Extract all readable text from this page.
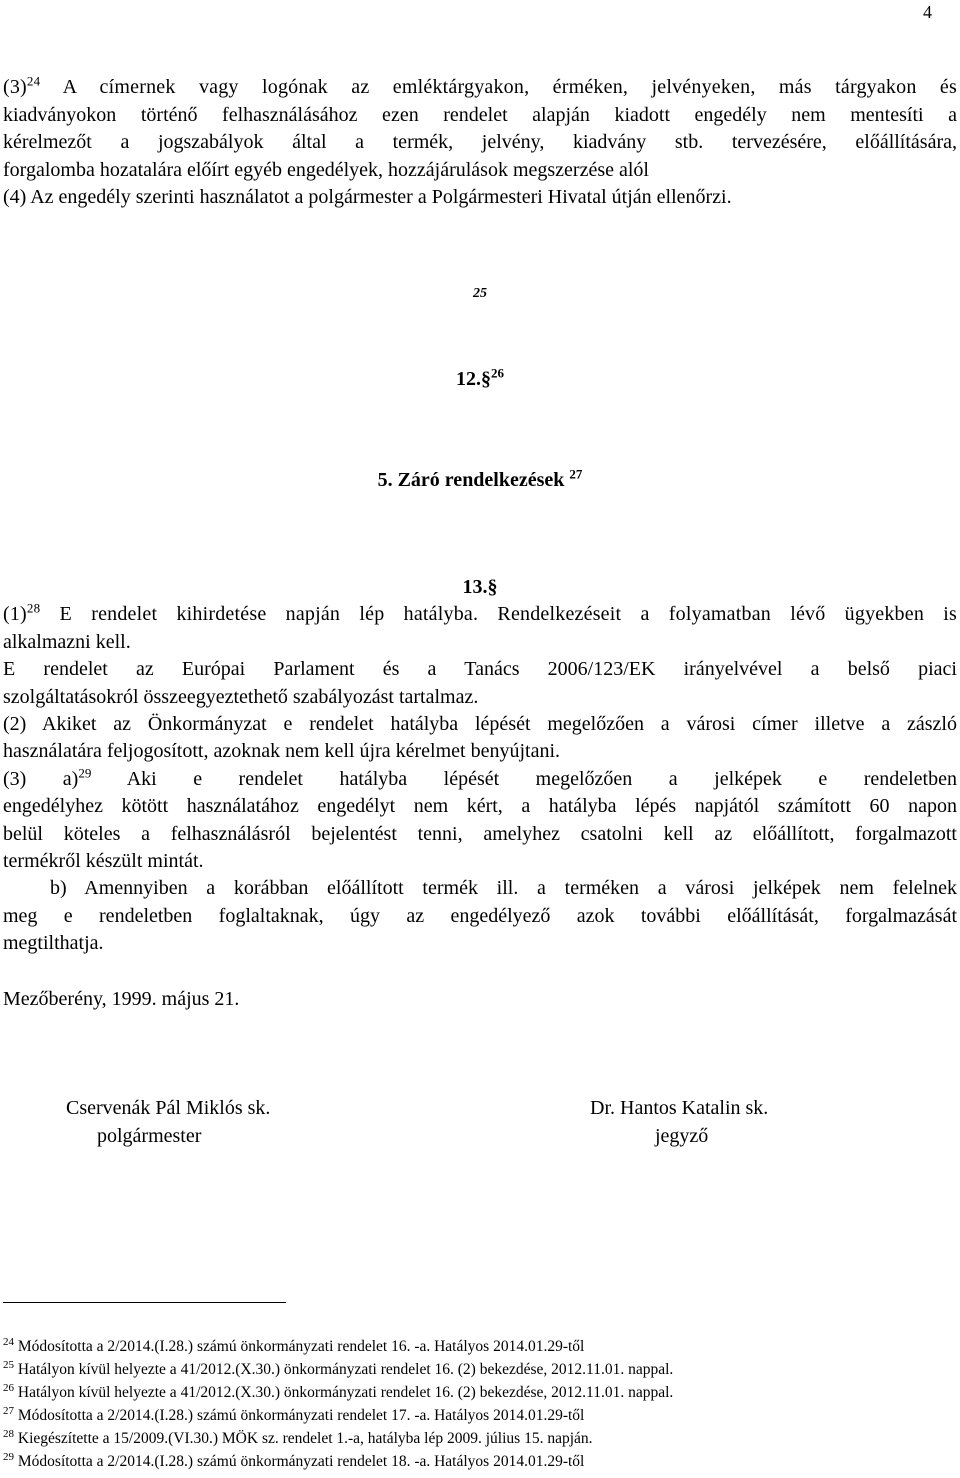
4
$(3)^{24}$ A címernek vagy logónak az emléktárgyakon, érméken, jelvényeken, más tárgyakon és
kiadványokon történő felhasználásához ezen rendelet alapján kiadott engedély nem mentesíti a
kérelmezőt a jogszabályok által a termék, jelvény, kiadvány stb. tervezésére, előállítására,
forgalomba hozatalára előírt egyéb engedélyek, hozzájárulások megszerzése alól
(4) Az engedély szerinti használatot a polgármester a Polgármesteri Hivatal útján ellenőrzi.
25
12.§$^{26}$
5. Záró rendelkezések $^{27}$
13.§
$(1)^{28}$ E rendelet kihirdetése napján lép hatályba. Rendelkezéseit a folyamatban lévő ügyekben is
alkalmazni kell.
E rendelet az Európai Parlament és a Tanács 2006/123/EK irányelvével a belső piaci
szolgáltatásokról összeegyeztethető szabályozást tartalmaz.
(2) Akiket az Önkormányzat e rendelet hatályba lépését megelőzően a városi címer illetve a zászló
használatára feljogosított, azoknak nem kell újra kérelmet benyújtani.
(3) a)$^{29}$ Aki e rendelet hatályba lépését megelőzően a jelképek e rendeletben
engedélyhez kötött használatához engedélyt nem kért, a hatályba lépés napjától számított 60 napon
belül köteles a felhasználásról bejelentést tenni, amelyhez csatolni kell az előállított, forgalmazott
termékről készült mintát.
b) Amennyiben a korábban előállított termék ill. a terméken a városi jelképek nem felelnek
meg e rendeletben foglaltaknak, úgy az engedélyező azok további előállítását, forgalmazását
megtilthatja.
Mezőberény, 1999. május 21.
Cservenák Pál Miklós sk.
polgármester
Dr. Hantos Katalin sk.
jegyző
$^{24}$ Módosította a 2/2014.(I.28.) számú önkormányzati rendelet 16. -a. Hatályos 2014.01.29-től
$^{25}$ Hatályon kívül helyezte a 41/2012.(X.30.) önkormányzati rendelet 16. (2) bekezdése, 2012.11.01. nappal.
$^{26}$ Hatályon kívül helyezte a 41/2012.(X.30.) önkormányzati rendelet 16. (2) bekezdése, 2012.11.01. nappal.
$^{27}$ Módosította a 2/2014.(I.28.) számú önkormányzati rendelet 17. -a. Hatályos 2014.01.29-től
$^{28}$ Kiegészítette a 15/2009.(VI.30.) MÖK sz. rendelet 1.-a, hatályba lép 2009. július 15. napján.
$^{29}$ Módosította a 2/2014.(I.28.) számú önkormányzati rendelet 18. -a. Hatályos 2014.01.29-től
